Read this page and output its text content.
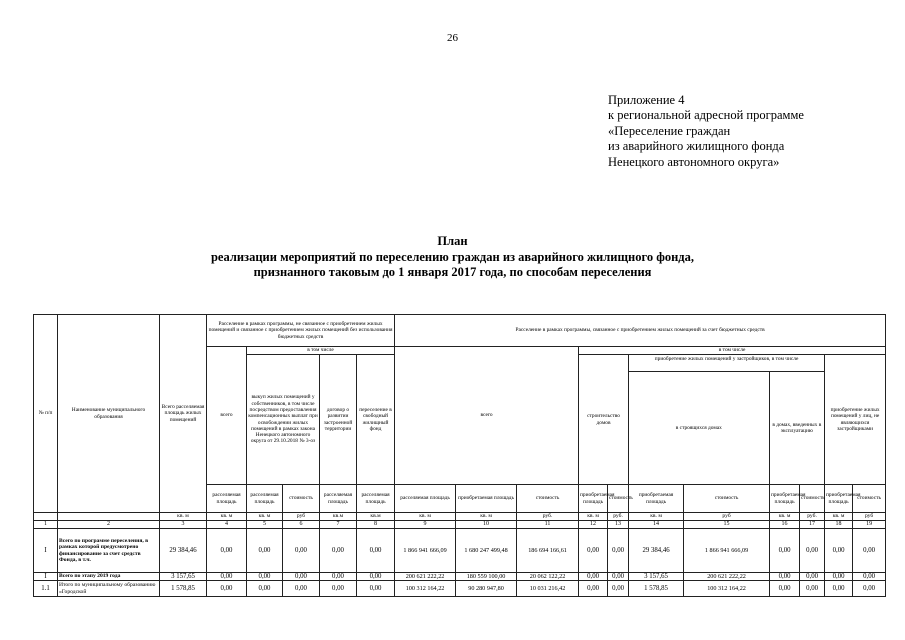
26
Приложение 4
к региональной адресной программе
«Переселение граждан
из аварийного жилищного фонда
Ненецкого автономного округа»
План
реализации мероприятий по переселению граждан из аварийного жилищного фонда,
признанного таковым до 1 января 2017 года, по способам переселения
№ п/п	Наименование муниципального образования	Всего расселяемая площадь жилых помещений	Расселение в рамках программы, не связанное с приобретением жилых помещений и связанное с приобретением жилых помещений без использования бюджетных средств					Расселение в рамках программы, связанное с приобретением жилых помещений за счет бюджетных средств										
			всего	в том числе				всего			в том числе							
				выкуп жилых помещений у собственников, в том числе посредством предоставления компенсационных выплат при освобождении жилых помещений в рамках закона Ненецкого автономного округа от 29.10.2018 № 3-оз		договор о развитии застроенной территории	переселение в свободный жилищный фонд				строительство домов		приобретение жилых помещений у застройщиков, в том числе
в строящихся домах
в домах, введенных в эксплуатацию				приобретение жилых помещений у лиц, не являющихся застройщиками	
			расселяемая площадь	расселяемая площадь	стоимость	расселяемая площадь	расселяемая площадь	расселяемая площадь	приобретаемая площадь	стоимость	приобретаемая площадь	стоимость	приобретаемая площадь	стоимость	приобретаемая площадь	стоимость	приобретаемая площадь	стоимость
		кв. м	кв. м	кв. м	руб	кв.м	кв.м	кв. м	кв. м	руб.	кв. м	руб.	кв. м	руб	кв. м	руб.	кв. м	руб
1	2	3	4	5	6	7	8	9	10	11	12	13	14	15	16	17	18	19
I	Всего по программе переселения, в рамках которой предусмотрено финансирование за счет средств Фонда, в т.ч.	29 384,46	0,00	0,00	0,00	0,00	0,00	1 866 941 666,09	1 680 247 499,48	186 694 166,61	0,00	0,00	29 384,46	1 866 941 666,09	0,00	0,00	0,00	0,00
I	Всего по этапу 2019 года	3 157,65	0,00	0,00	0,00	0,00	0,00	200 621 222,22	180 559 100,00	20 062 122,22	0,00	0,00	3 157,65	200 621 222,22	0,00	0,00	0,00	0,00
1.1	Итого по муниципальному образованию «Городской	1 578,85	0,00	0,00	0,00	0,00	0,00	100 312 164,22	90 280 947,80	10 031 216,42	0,00	0,00	1 578,85	100 312 164,22	0,00	0,00	0,00	0,00
